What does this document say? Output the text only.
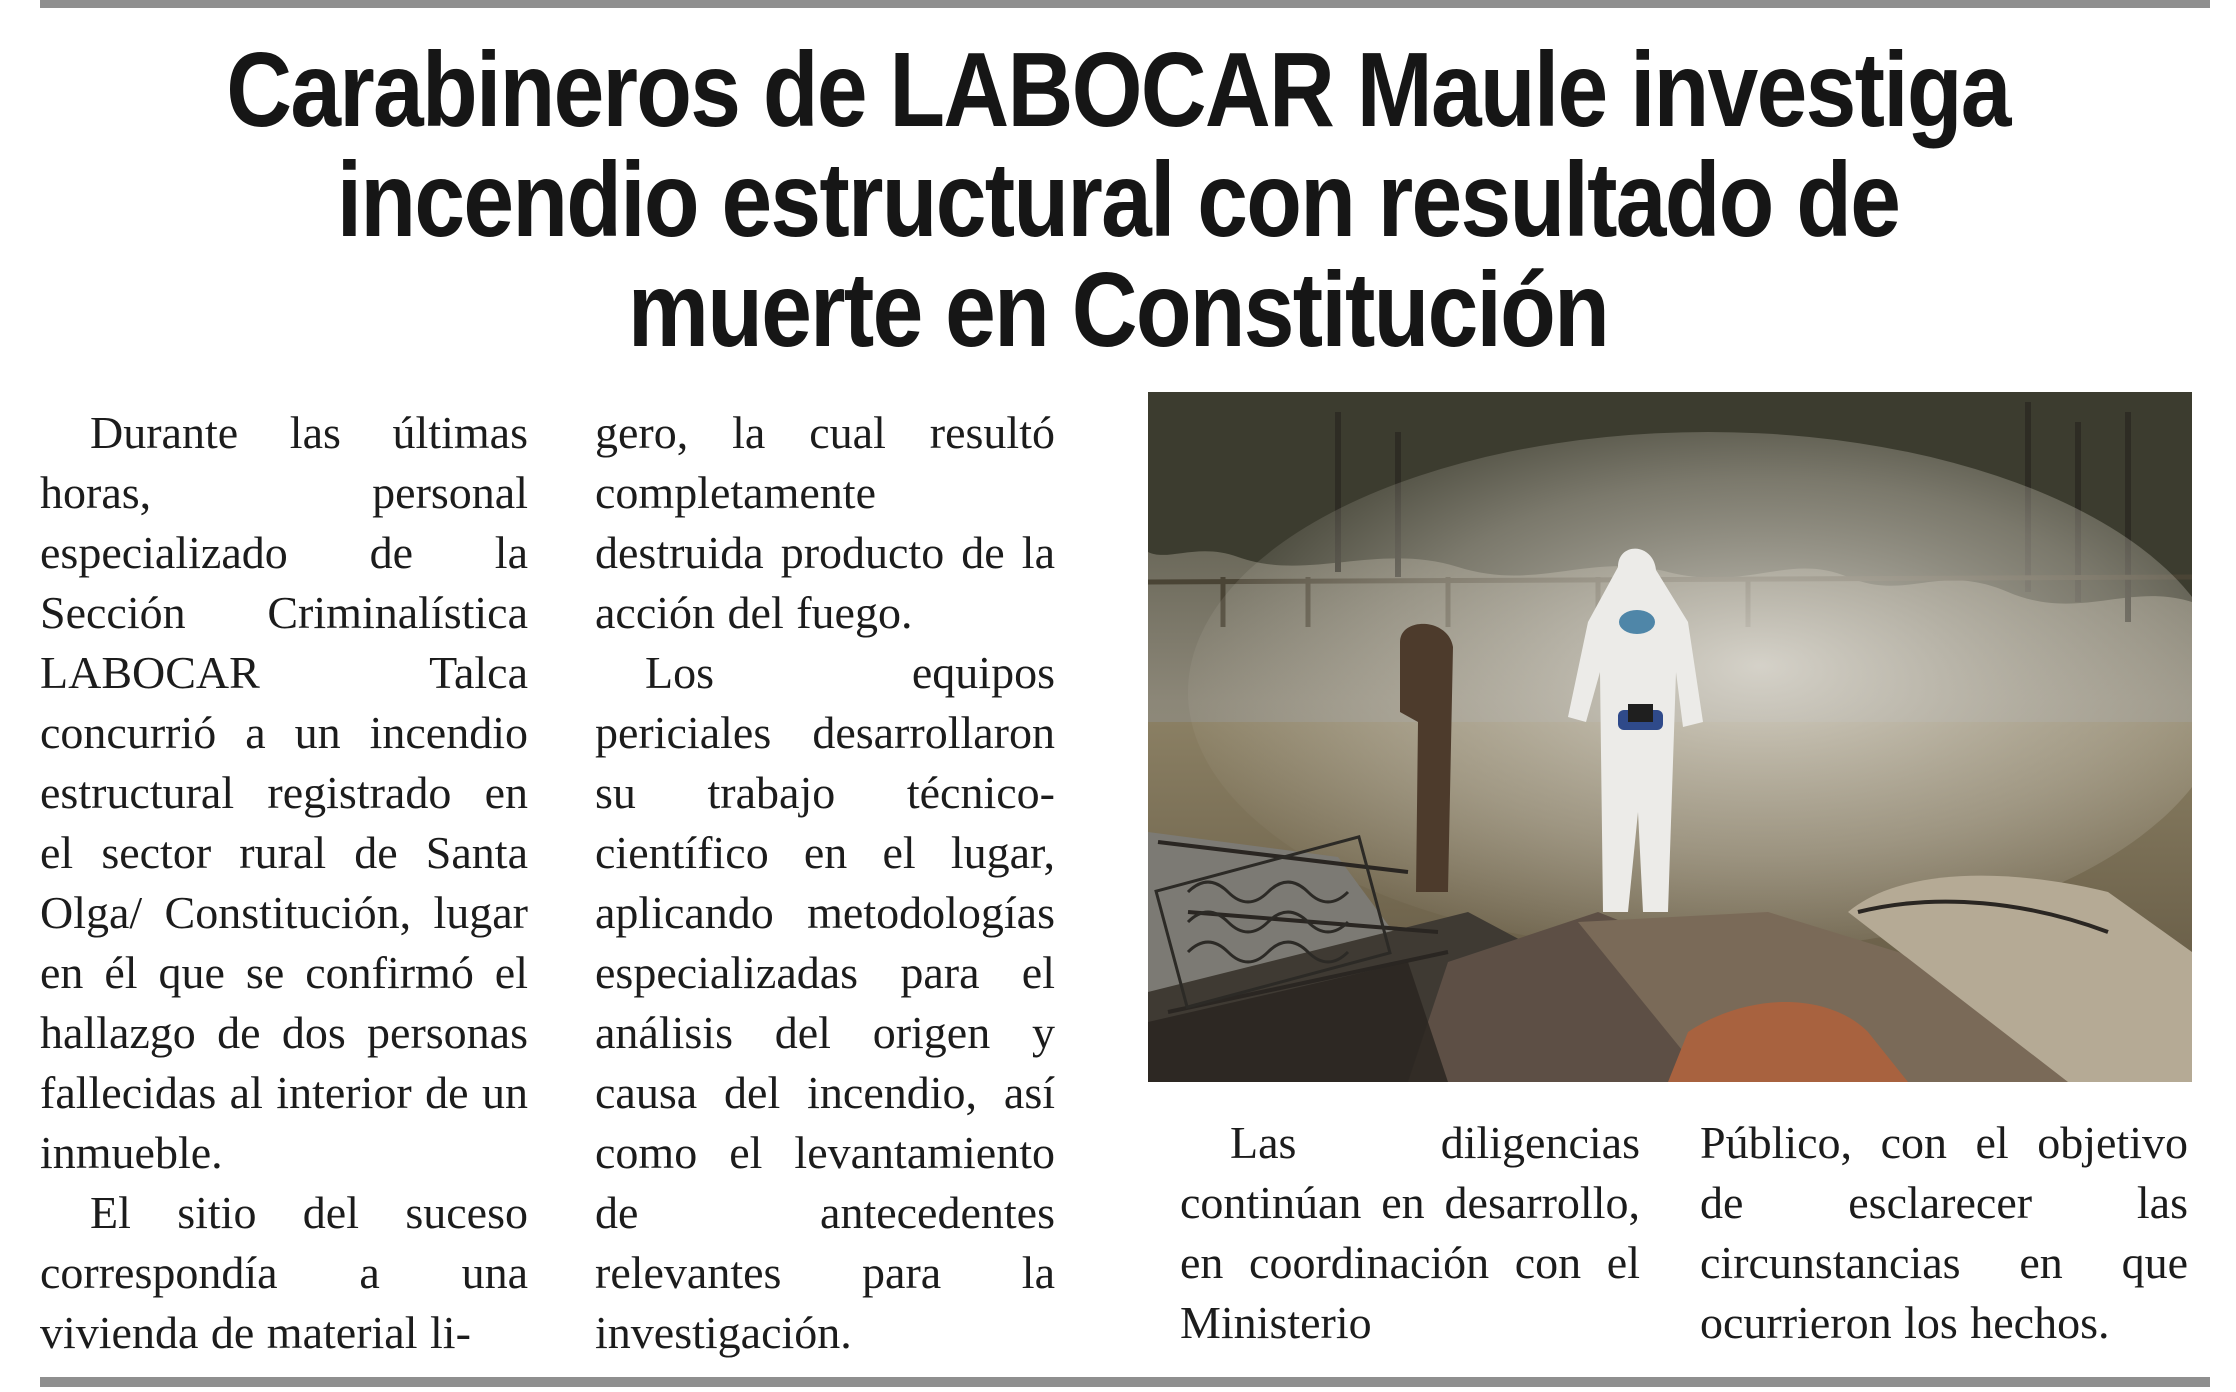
Carabineros de LABOCAR Maule investiga incendio estructural con resultado de muerte en Constitución

Durante las últimas horas, personal especializado de la Sección Criminalística LABOCAR Talca concurrió a un incendio estructural registrado en el sector rural de Santa Olga/ Constitución, lugar en él que se confirmó el hallazgo de dos personas fallecidas al interior de un inmueble.

El sitio del suceso correspondía a una vivienda de material li-

gero, la cual resultó completamente destruida producto de la acción del fuego.

Los equipos periciales desarrollaron su trabajo técnico-científico en el lugar, aplicando metodologías especializadas para el análisis del origen y causa del incendio, así como el levantamiento de antecedentes relevantes para la investigación.

Las diligencias continúan en desarrollo, en coordinación con el Ministerio

Público, con el objetivo de esclarecer las circunstancias en que ocurrieron los hechos.
